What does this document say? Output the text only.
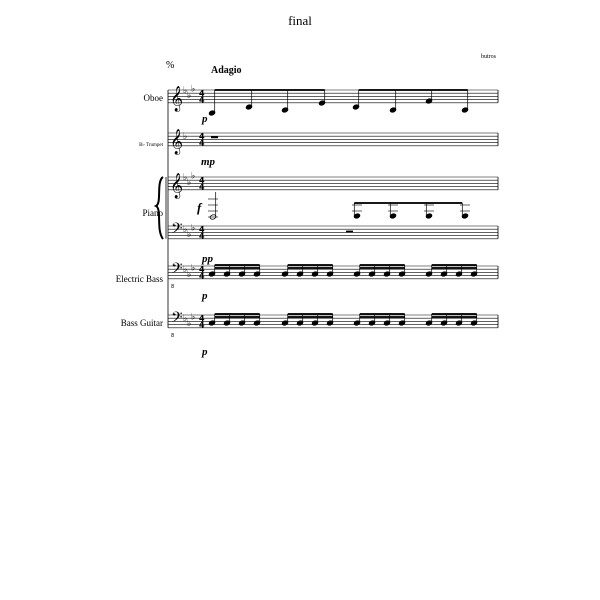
final
butros
%	Adagio
Oboe
B♭ Trumpet
Piano
Electric Bass
Bass Guitar
p
mp
f
pp
p
p
𝄞 ♭ ♭
♭ 4
4
𝄞 ♭ 4
4
𝄞 ♭ ♭
♭ 4
4
𝄢 ♭ ♭
♭ 4
4
𝄢 ♭ ♭
♭ 4
4
8
𝄢 ♭ ♭
♭ 4
4
8
